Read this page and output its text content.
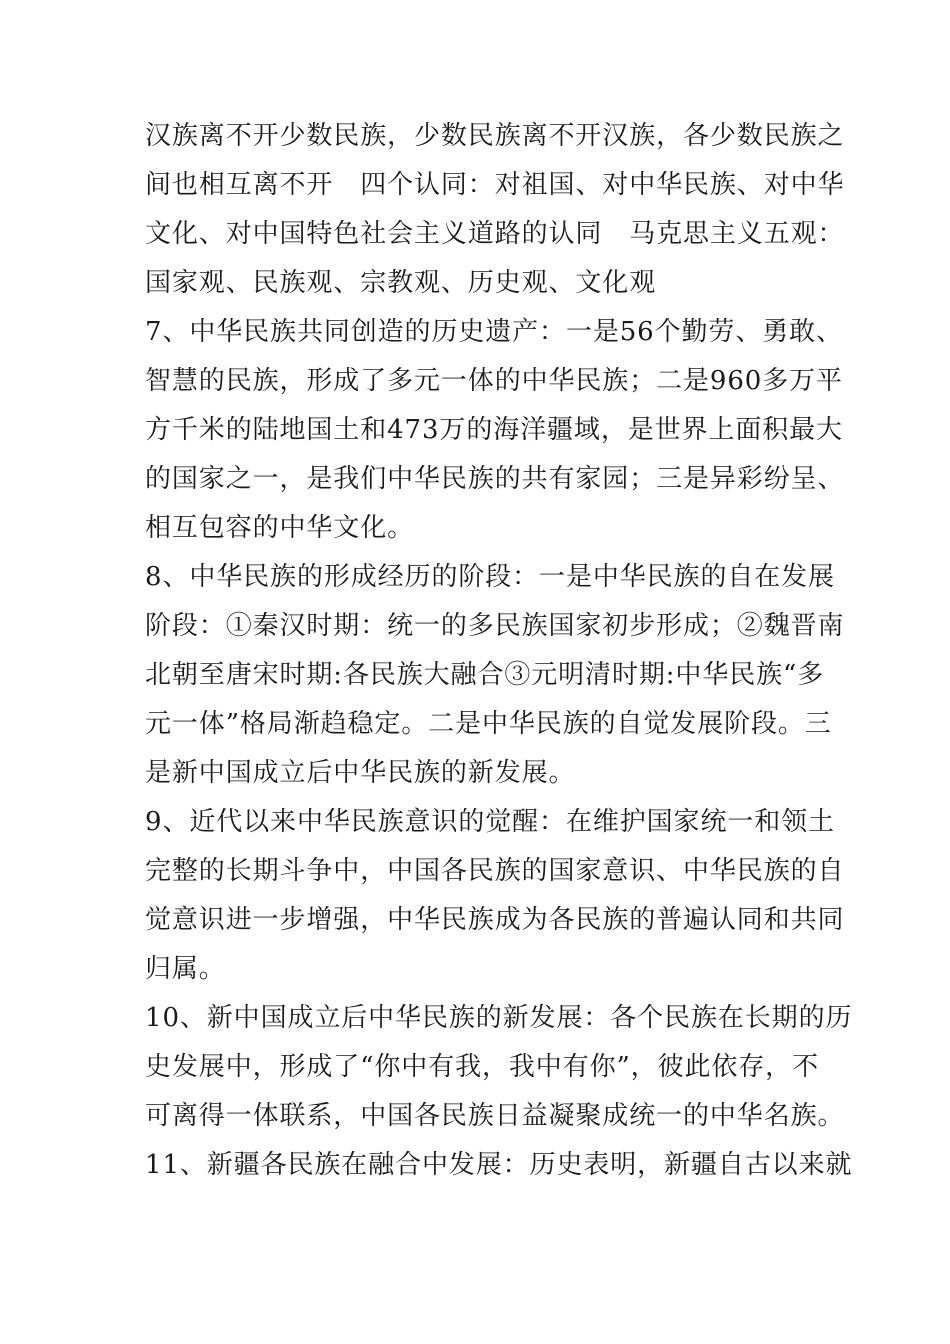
汉族离不开少数民族，少数民族离不开汉族，各少数民族之
间也相互离不开　四个认同：对祖国、对中华民族、对中华
文化、对中国特色社会主义道路的认同　马克思主义五观：
国家观、民族观、宗教观、历史观、文化观
7、中华民族共同创造的历史遗产：一是56个勤劳、勇敢、
智慧的民族，形成了多元一体的中华民族；二是960多万平
方千米的陆地国土和473万的海洋疆域，是世界上面积最大
的国家之一，是我们中华民族的共有家园；三是异彩纷呈、
相互包容的中华文化。
8、中华民族的形成经历的阶段：一是中华民族的自在发展
阶段：①秦汉时期：统一的多民族国家初步形成；②魏晋南
北朝至唐宋时期:各民族大融合③元明清时期:中华民族“多
元一体”格局渐趋稳定。二是中华民族的自觉发展阶段。三
是新中国成立后中华民族的新发展。
9、近代以来中华民族意识的觉醒：在维护国家统一和领土
完整的长期斗争中，中国各民族的国家意识、中华民族的自
觉意识进一步增强，中华民族成为各民族的普遍认同和共同
归属。
10、新中国成立后中华民族的新发展：各个民族在长期的历
史发展中，形成了“你中有我，我中有你”，彼此依存，不
可离得一体联系，中国各民族日益凝聚成统一的中华名族。
11、新疆各民族在融合中发展：历史表明，新疆自古以来就
